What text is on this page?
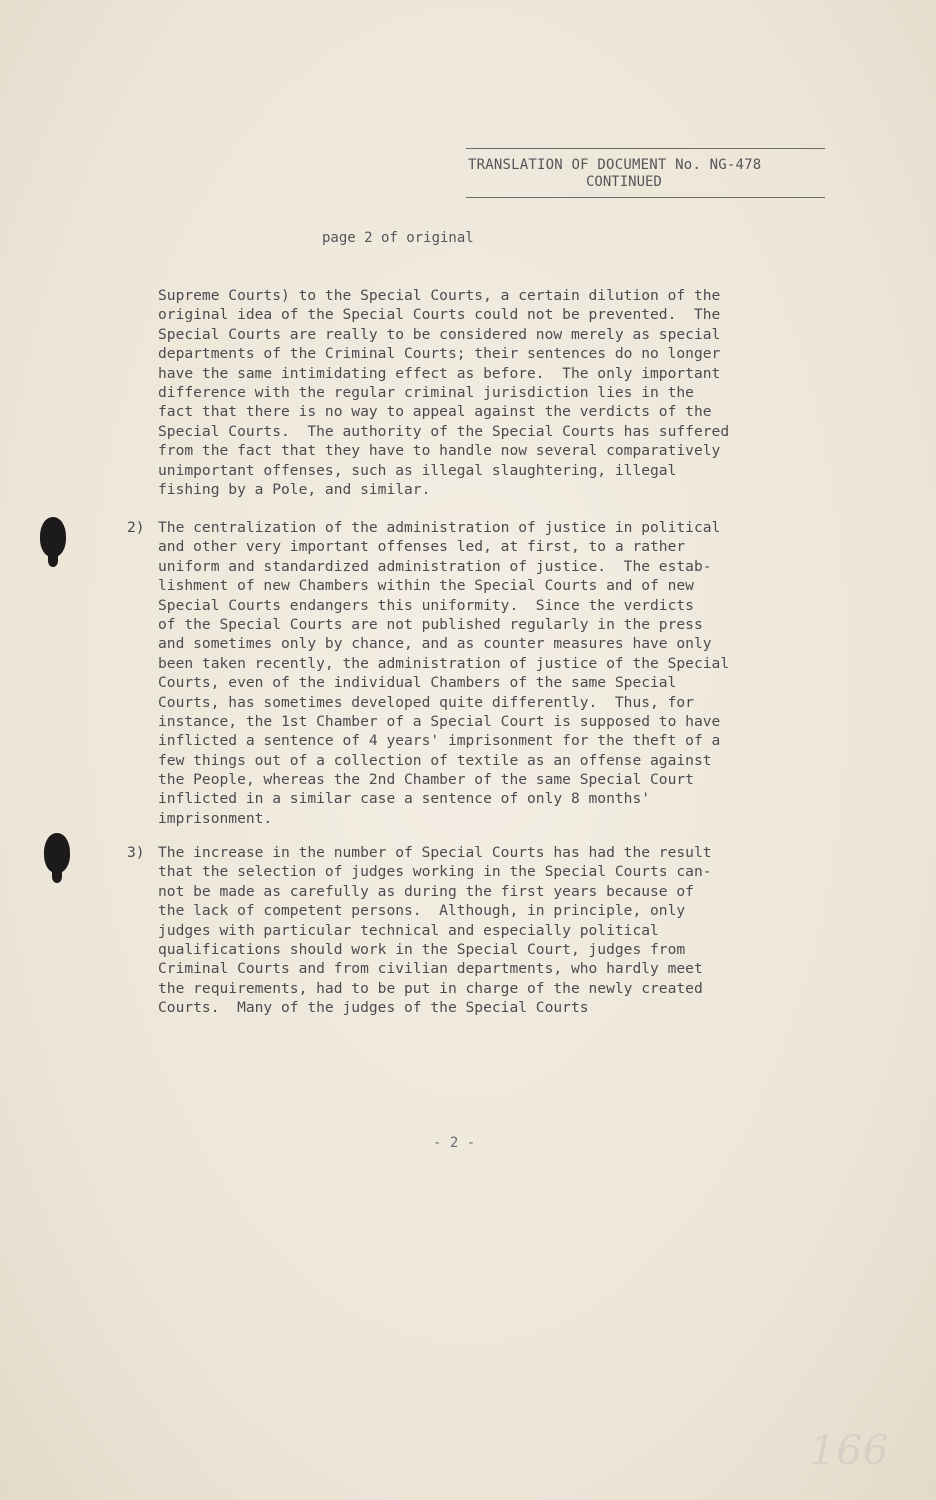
TRANSLATION OF DOCUMENT No. NG-478
CONTINUED
page 2 of original
Supreme Courts) to the Special Courts, a certain dilution of the
original idea of the Special Courts could not be prevented.  The
Special Courts are really to be considered now merely as special
departments of the Criminal Courts; their sentences do no longer
have the same intimidating effect as before.  The only important
difference with the regular criminal jurisdiction lies in the
fact that there is no way to appeal against the verdicts of the
Special Courts.  The authority of the Special Courts has suffered
from the fact that they have to handle now several comparatively
unimportant offenses, such as illegal slaughtering, illegal
fishing by a Pole, and similar.
2) The centralization of the administration of justice in political
and other very important offenses led, at first, to a rather
uniform and standardized administration of justice.  The estab-
lishment of new Chambers within the Special Courts and of new
Special Courts endangers this uniformity.  Since the verdicts
of the Special Courts are not published regularly in the press
and sometimes only by chance, and as counter measures have only
been taken recently, the administration of justice of the Special
Courts, even of the individual Chambers of the same Special
Courts, has sometimes developed quite differently.  Thus, for
instance, the 1st Chamber of a Special Court is supposed to have
inflicted a sentence of 4 years' imprisonment for the theft of a
few things out of a collection of textile as an offense against
the People, whereas the 2nd Chamber of the same Special Court
inflicted in a similar case a sentence of only 8 months'
imprisonment.
3) The increase in the number of Special Courts has had the result
that the selection of judges working in the Special Courts can-
not be made as carefully as during the first years because of
the lack of competent persons.  Although, in principle, only
judges with particular technical and especially political
qualifications should work in the Special Court, judges from
Criminal Courts and from civilian departments, who hardly meet
the requirements, had to be put in charge of the newly created
Courts.  Many of the judges of the Special Courts
- 2 -
166
